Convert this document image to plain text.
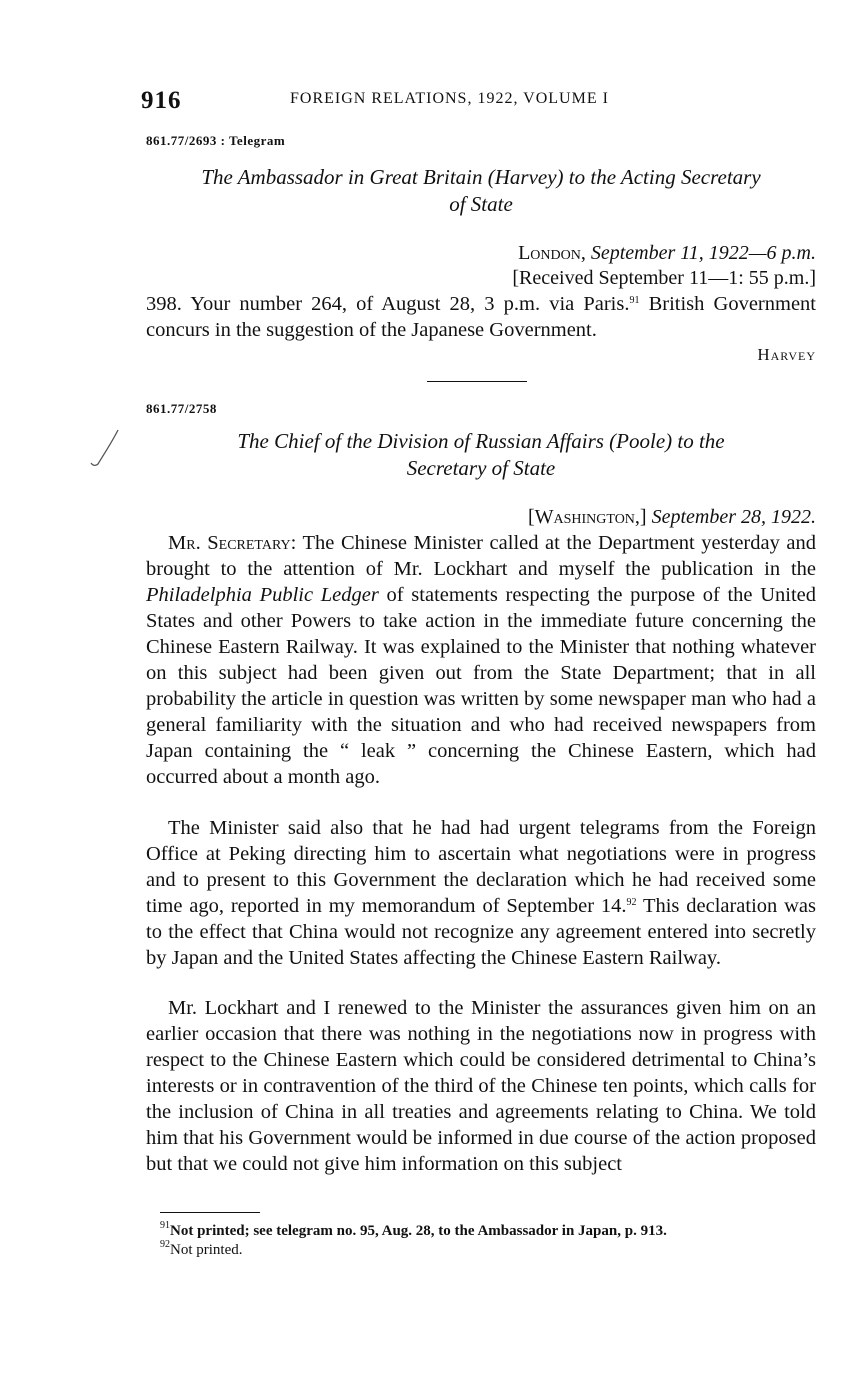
916	FOREIGN RELATIONS, 1922, VOLUME I
861.77/2693 : Telegram
The Ambassador in Great Britain (Harvey) to the Acting Secretary
of State
London, September 11, 1922—6 p.m.
[Received September 11—1: 55 p.m.]
398. Your number 264, of August 28, 3 p.m. via Paris.$^{91}$ British Government concurs in the suggestion of the Japanese Government.
Harvey
861.77/2758
The Chief of the Division of Russian Affairs (Poole) to the
Secretary of State
[Washington,] September 28, 1922.
Mr. Secretary: The Chinese Minister called at the Department yesterday and brought to the attention of Mr. Lockhart and myself the publication in the Philadelphia Public Ledger of statements respecting the purpose of the United States and other Powers to take action in the immediate future concerning the Chinese Eastern Railway. It was explained to the Minister that nothing whatever on this subject had been given out from the State Department; that in all probability the article in question was written by some newspaper man who had a general familiarity with the situation and who had received newspapers from Japan containing the “ leak ” concerning the Chinese Eastern, which had occurred about a month ago.
The Minister said also that he had had urgent telegrams from the Foreign Office at Peking directing him to ascertain what negotiations were in progress and to present to this Government the declaration which he had received some time ago, reported in my memorandum of September 14.92 This declaration was to the effect that China would not recognize any agreement entered into secretly by Japan and the United States affecting the Chinese Eastern Railway.
Mr. Lockhart and I renewed to the Minister the assurances given him on an earlier occasion that there was nothing in the negotiations now in progress with respect to the Chinese Eastern which could be considered detrimental to China’s interests or in contravention of the third of the Chinese ten points, which calls for the inclusion of China in all treaties and agreements relating to China. We told him that his Government would be informed in due course of the action proposed but that we could not give him information on this subject
$^{91}$Not printed; see telegram no. 95, Aug. 28, to the Ambassador in Japan, p. 913.
$^{92}$Not printed.
